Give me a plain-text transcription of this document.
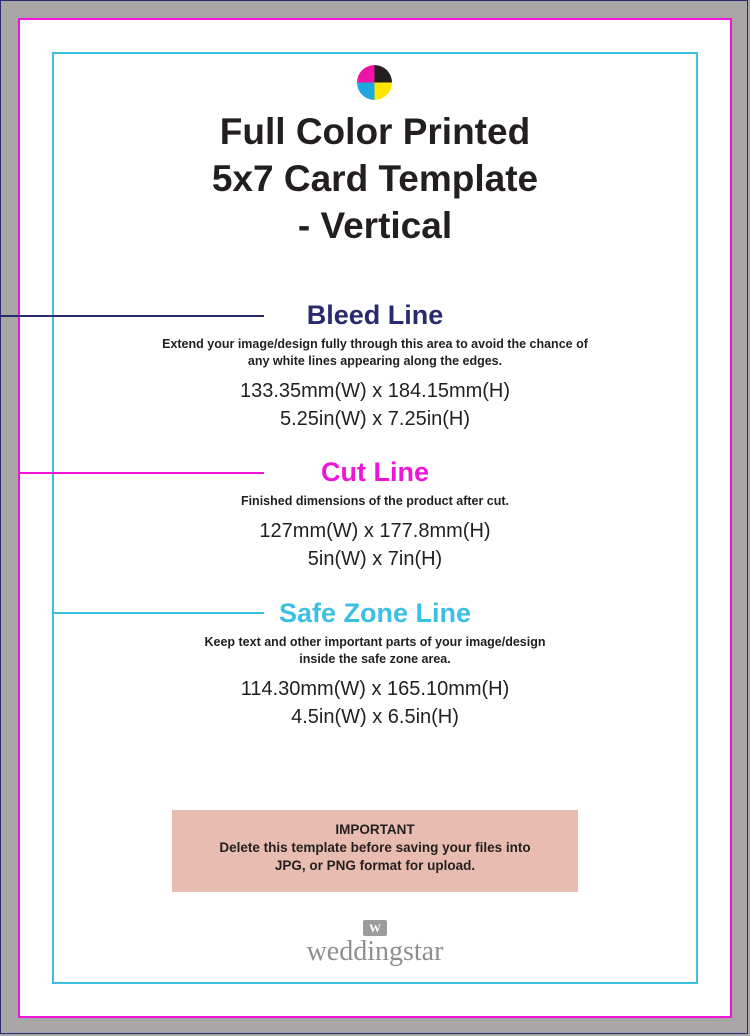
Full Color Printed
5x7 Card Template
- Vertical
Bleed Line
Extend your image/design fully through this area to avoid the chance of
any white lines appearing along the edges.
133.35mm(W) x 184.15mm(H)
5.25in(W) x 7.25in(H)
Cut Line
Finished dimensions of the product after cut.
127mm(W) x 177.8mm(H)
5in(W) x 7in(H)
Safe Zone Line
Keep text and other important parts of your image/design
inside the safe zone area.
114.30mm(W) x 165.10mm(H)
4.5in(W) x 6.5in(H)
IMPORTANT
Delete this template before saving your files into
JPG, or PNG format for upload.
W
weddingstar
